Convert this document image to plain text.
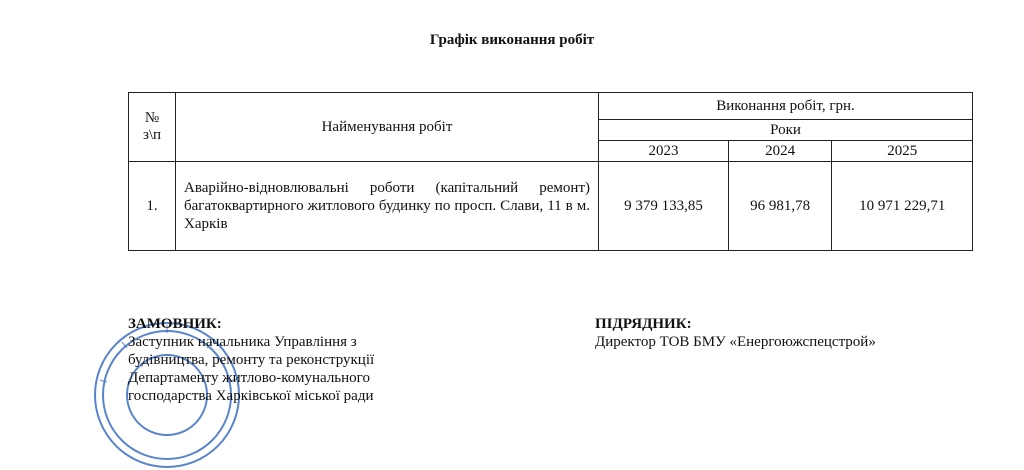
Графік виконання робіт
№ з\п	Найменування робіт	Виконання робіт, грн.		
		Роки		
		2023	2024	2025
1.	Аварійно-відновлювальні роботи (капітальний ремонт) багатоквартирного житлового будинку по просп. Слави, 11 в м. Харків	9 379 133,85	96 981,78	10 971 229,71
ЗАМОВНИК:
Заступник начальника Управління з
будівництва, ремонту та реконструкції
Департаменту житлово-комунального
господарства Харківської міської ради
ПІДРЯДНИК:
Директор ТОВ БМУ «Енергоюжспецстрой»
